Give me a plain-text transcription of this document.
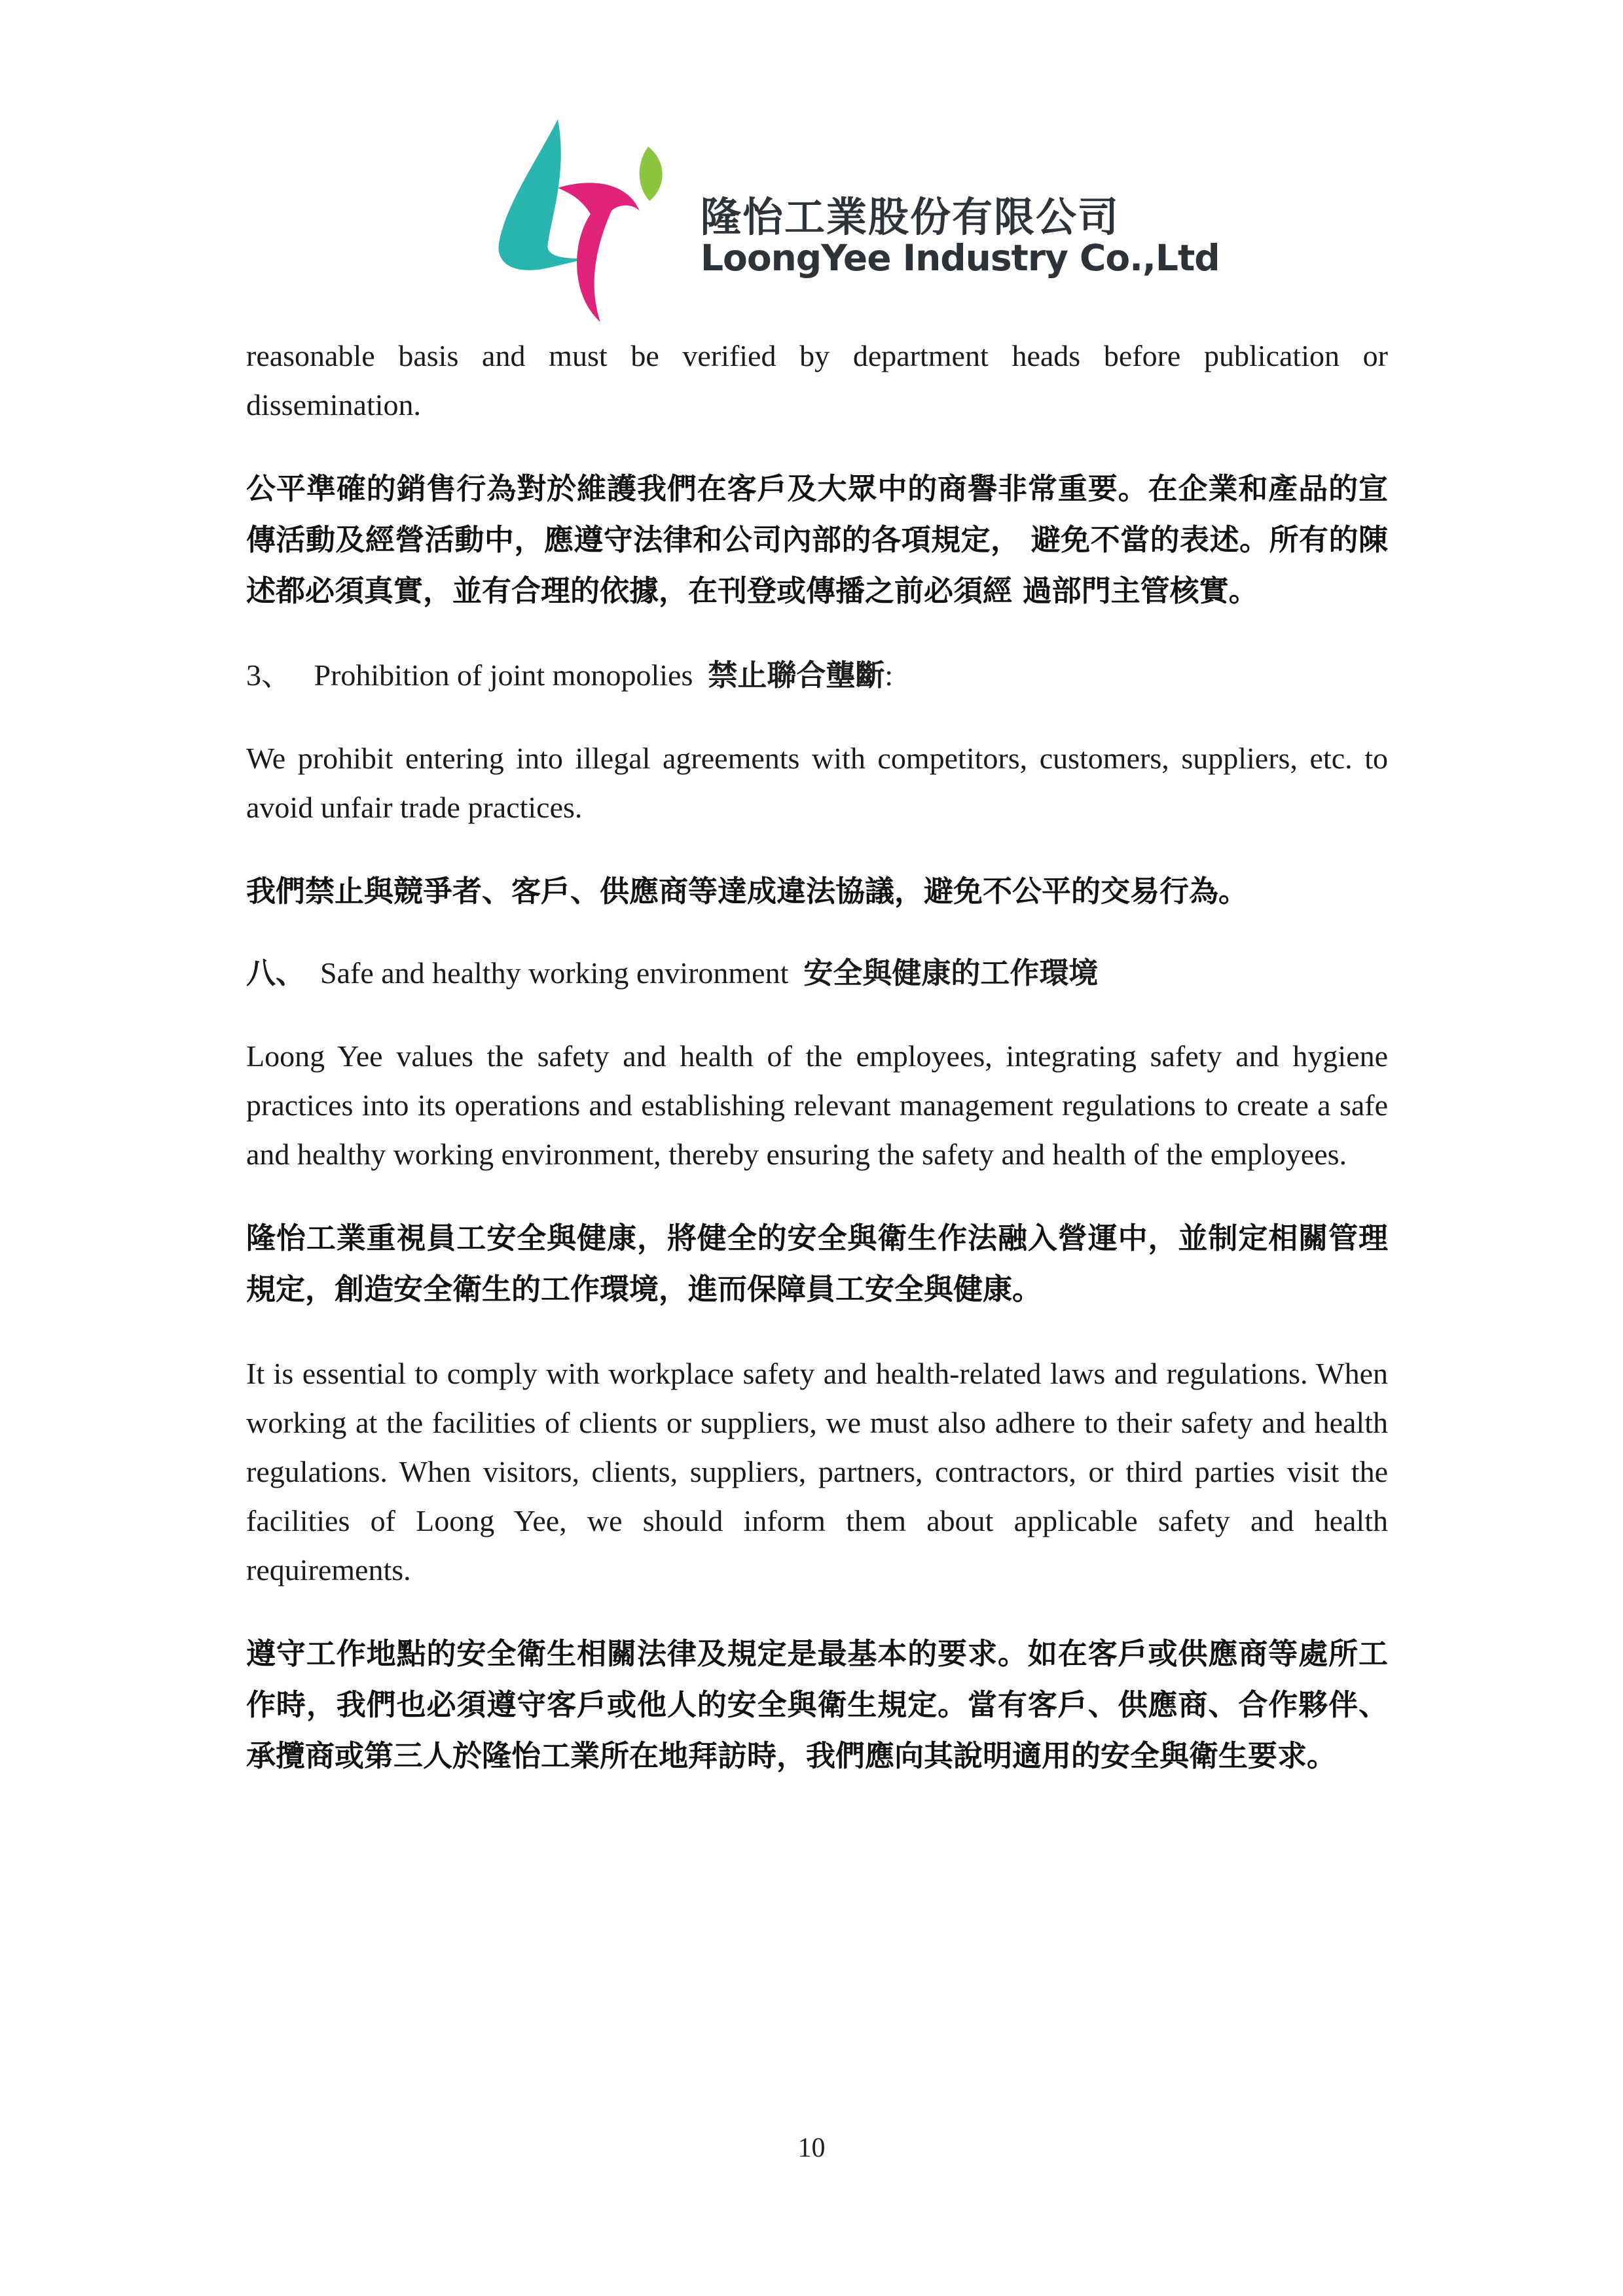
隆怡工業股份有限公司
LoongYee Industry Co.,Ltd

reasonable basis and must be verified by department heads before publication or dissemination.

公平準確的銷售行為對於維護我們在客戶及大眾中的商譽非常重要。在企業和產品的宣傳活動及經營活動中，應遵守法律和公司內部的各項規定， 避免不當的表述。所有的陳述都必須真實，並有合理的依據，在刊登或傳播之前必須經 過部門主管核實。

3、 Prohibition of joint monopolies 禁止聯合壟斷:

We prohibit entering into illegal agreements with competitors, customers, suppliers, etc. to avoid unfair trade practices.

我們禁止與競爭者、客戶、供應商等達成違法協議，避免不公平的交易行為。

八、 Safe and healthy working environment 安全與健康的工作環境

Loong Yee values the safety and health of the employees, integrating safety and hygiene practices into its operations and establishing relevant management regulations to create a safe and healthy working environment, thereby ensuring the safety and health of the employees.

隆怡工業重視員工安全與健康，將健全的安全與衛生作法融入營運中，並制定相關管理規定，創造安全衛生的工作環境，進而保障員工安全與健康。

It is essential to comply with workplace safety and health-related laws and regulations. When working at the facilities of clients or suppliers, we must also adhere to their safety and health regulations. When visitors, clients, suppliers, partners, contractors, or third parties visit the facilities of Loong Yee, we should inform them about applicable safety and health requirements.

遵守工作地點的安全衛生相關法律及規定是最基本的要求。如在客戶或供應商等處所工作時，我們也必須遵守客戶或他人的安全與衛生規定。當有客戶、供應商、合作夥伴、承攬商或第三人於隆怡工業所在地拜訪時，我們應向其說明適用的安全與衛生要求。

10
